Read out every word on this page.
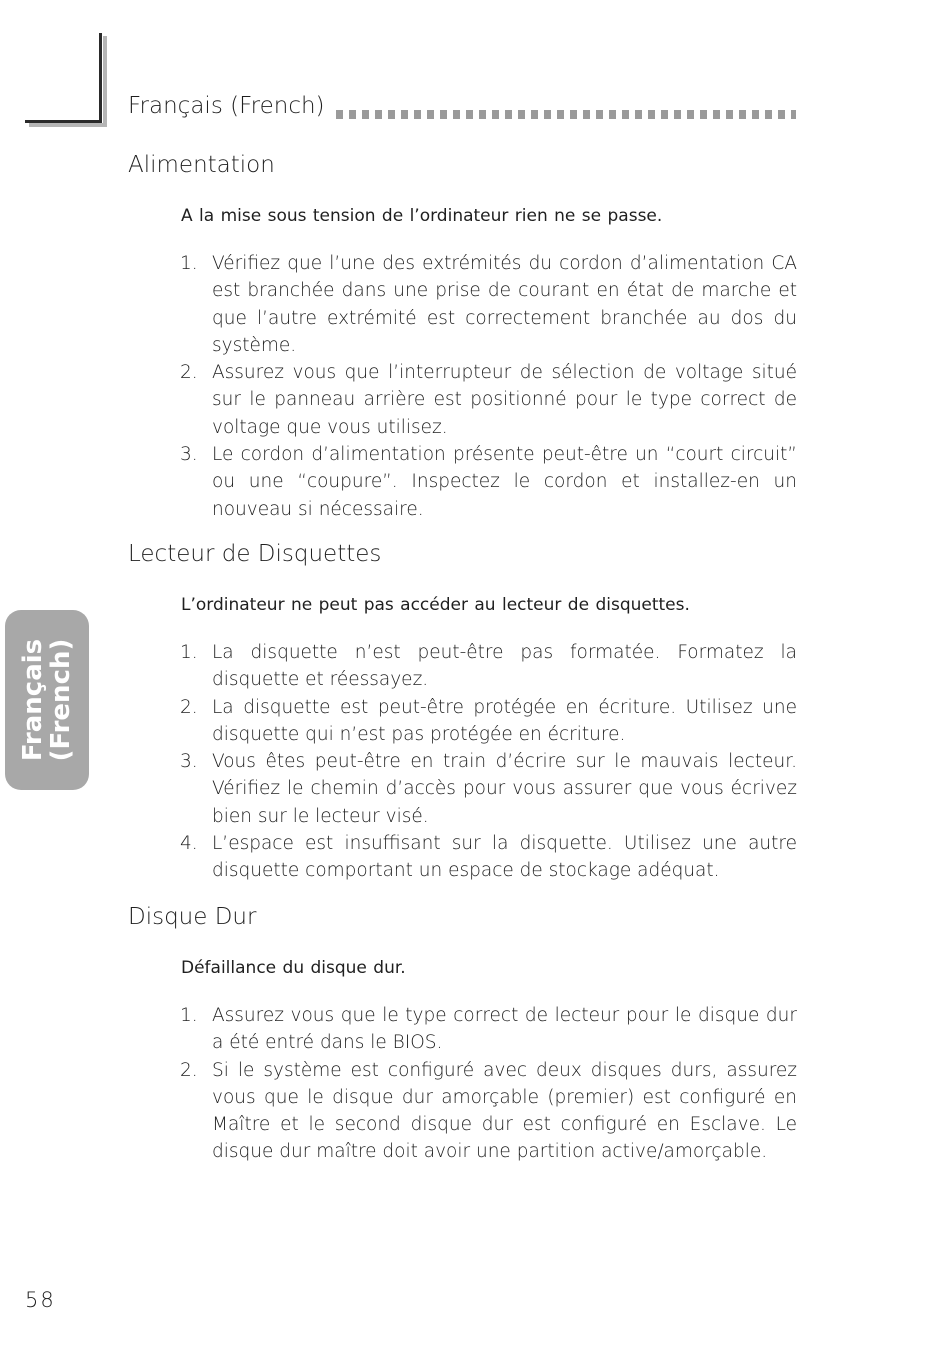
Français (French)
Français
(French)
Alimentation

A la mise sous tension de l’ordinateur rien ne se passe.

1. Vérifiez que l’une des extrémités du cordon d’alimentation CA est branchée dans une prise de courant en état de marche et que l’autre extrémité est correctement branchée au dos du système.
2. Assurez vous que l’interrupteur de sélection de voltage situé sur le panneau arrière est positionné pour le type correct de voltage que vous utilisez.
3. Le cordon d’alimentation présente peut-être un “court circuit” ou une “coupure”. Inspectez le cordon et installez-en un nouveau si nécessaire.
Lecteur de Disquettes

L’ordinateur ne peut pas accéder au lecteur de disquettes.

1. La disquette n’est peut-être pas formatée. Formatez la disquette et réessayez.
2. La disquette est peut-être protégée en écriture. Utilisez une disquette qui n’est pas protégée en écriture.
3. Vous êtes peut-être en train d’écrire sur le mauvais lecteur. Vérifiez le chemin d’accès pour vous assurer que vous écrivez bien sur le lecteur visé.
4. L’espace est insuffisant sur la disquette. Utilisez une autre disquette comportant un espace de stockage adéquat.
Disque Dur

Défaillance du disque dur.

1. Assurez vous que le type correct de lecteur pour le disque dur a été entré dans le BIOS.
2. Si le système est configuré avec deux disques durs, assurez vous que le disque dur amorçable (premier) est configuré en Maître et le second disque dur est configuré en Esclave. Le disque dur maître doit avoir une partition active/amorçable.

58
